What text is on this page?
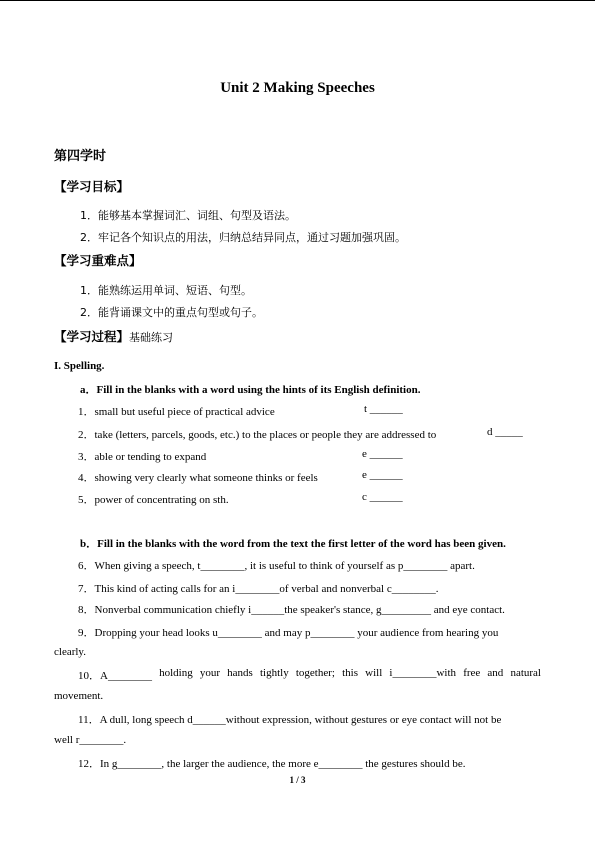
Unit 2 Making Speeches
第四学时
【学习目标】
1．能够基本掌握词汇、词组、句型及语法。
2．牢记各个知识点的用法，归纳总结异同点，通过习题加强巩固。
【学习重难点】
1．能熟练运用单词、短语、句型。
2．能背诵课文中的重点句型或句子。
【学习过程】基础练习
I. Spelling.
a．Fill in the blanks with a word using the hints of its English definition.
1．small but useful piece of practical advice	t ______
2．take (letters, parcels, goods, etc.) to the places or people they are addressed to	d _____
3．able or tending to expand	e ______
4．showing very clearly what someone thinks or feels	e ______
5．power of concentrating on sth.	c ______
b．Fill in the blanks with the word from the text the first letter of the word has been given.
6．When giving a speech, t________, it is useful to think of yourself as p________ apart.
7．This kind of acting calls for an i________of verbal and nonverbal c________.
8．Nonverbal communication chiefly i______the speaker's stance, g_________ and eye contact.
9．Dropping your head looks u________ and may p________ your audience from hearing you
clearly.
10．A________ holding your hands tightly together; this will i________with free and natural
movement.
11．A dull, long speech d______without expression, without gestures or eye contact will not be
well r________.
12．In g________, the larger the audience, the more e________ the gestures should be.
1 / 3
